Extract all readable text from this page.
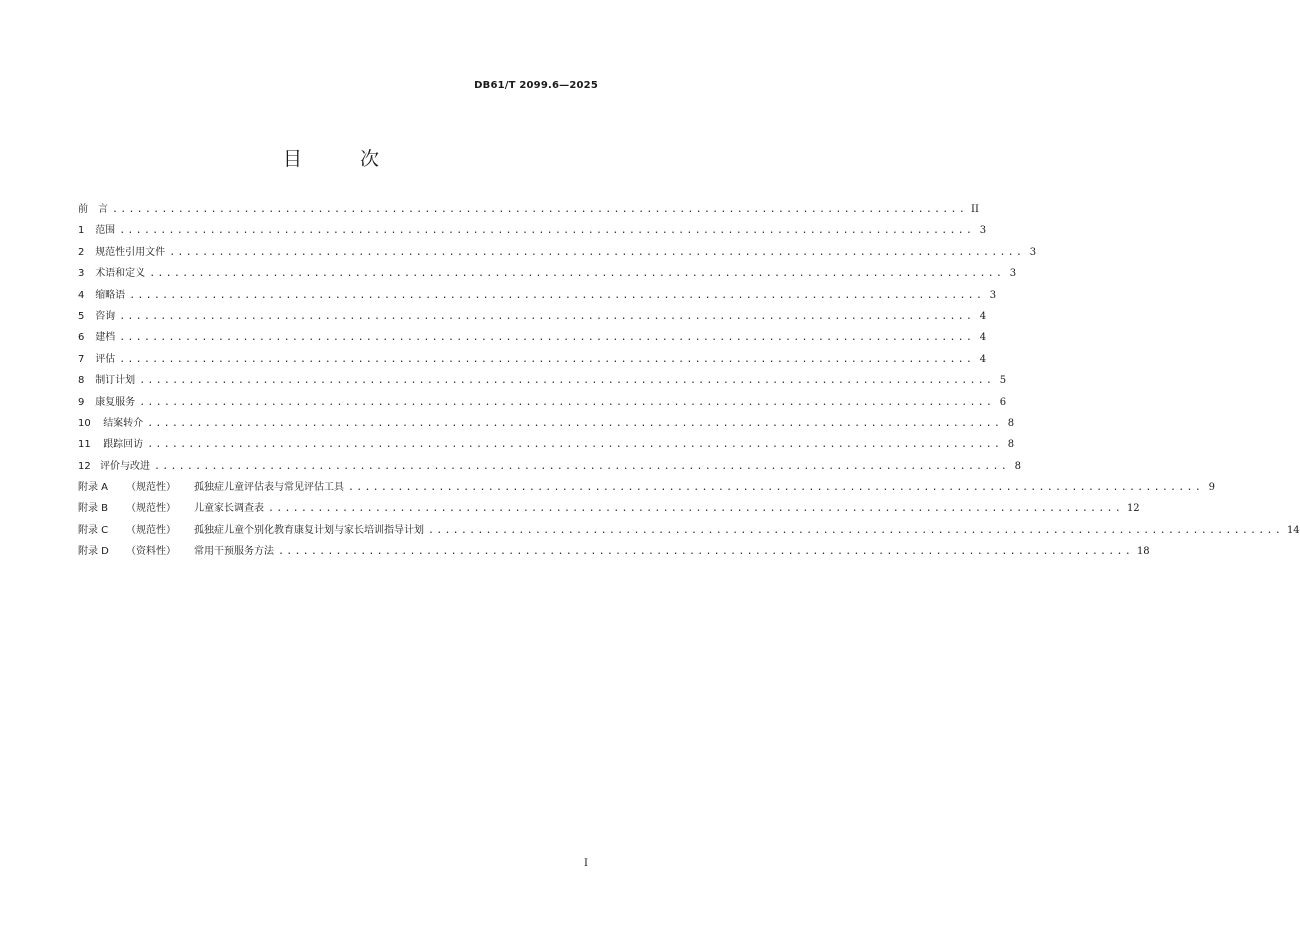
DB61/T 2099.6—2025
目 次
前　言 ........................................................................................................ II
1 范围 ........................................................................................................ 3
2 规范性引用文件 ........................................................................................................ 3
3 术语和定义 ........................................................................................................ 3
4 缩略语 ........................................................................................................ 3
5 咨询 ........................................................................................................ 4
6 建档 ........................................................................................................ 4
7 评估 ........................................................................................................ 4
8 制订计划 ........................................................................................................ 5
9 康复服务 ........................................................................................................ 6
10 结案转介 ........................................................................................................ 8
11 跟踪回访 ........................................................................................................ 8
12 评价与改进 ........................................................................................................ 8
附录 A （规范性） 孤独症儿童评估表与常见评估工具 ........................................................................................................ 9
附录 B （规范性） 儿童家长调查表 ........................................................................................................ 12
附录 C （规范性） 孤独症儿童个别化教育康复计划与家长培训指导计划 ........................................................................................................ 14
附录 D （资料性） 常用干预服务方法 ........................................................................................................ 18
I
